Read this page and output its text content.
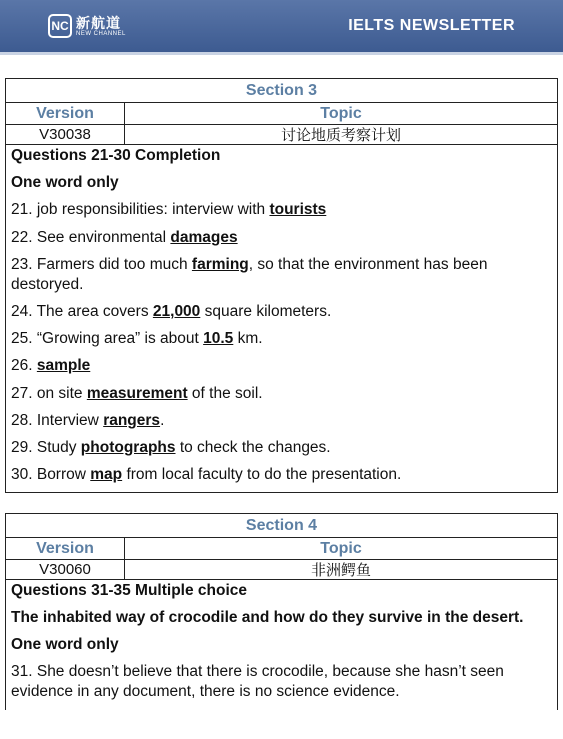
NC 新航道
NEW CHANNEL	IELTS NEWSLETTER
Section 3
Version	Topic
V30038	讨论地质考察计划
Questions 21-30 Completion
One word only
21. job responsibilities: interview with tourists
22. See environmental damages
23. Farmers did too much farming, so that the environment has been destoryed.
24. The area covers 21,000 square kilometers.
25. “Growing area” is about 10.5 km.
26. sample
27. on site measurement of the soil.
28. Interview rangers.
29. Study photographs to check the changes.
30. Borrow map from local faculty to do the presentation.
Section 4
Version	Topic
V30060	非洲鳄鱼
Questions 31-35 Multiple choice
The inhabited way of crocodile and how do they survive in the desert.
One word only
31. She doesn’t believe that there is crocodile, because she hasn’t seen evidence in any document, there is no science evidence.
